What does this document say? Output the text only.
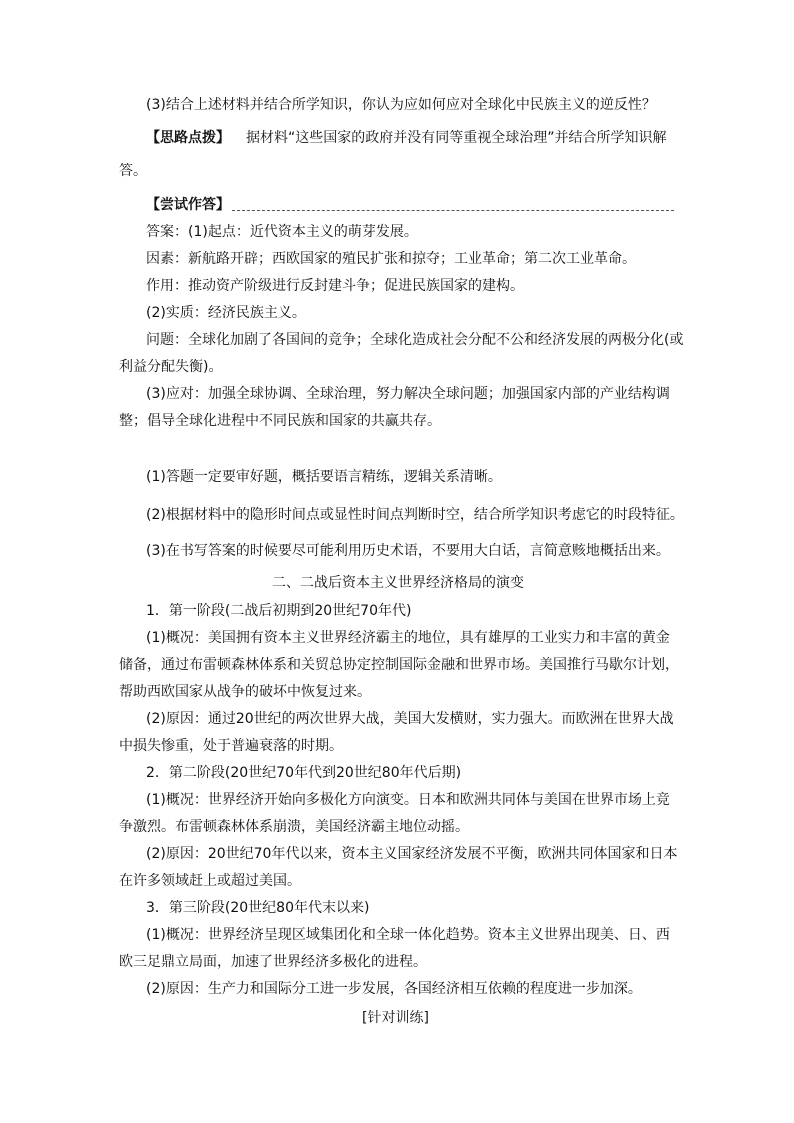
(3)结合上述材料并结合所学知识，你认为应如何应对全球化中民族主义的逆反性？
【思路点拨】 据材料“这些国家的政府并没有同等重视全球治理”并结合所学知识解
答。
【尝试作答】
答案：(1)起点：近代资本主义的萌芽发展。
因素：新航路开辟；西欧国家的殖民扩张和掠夺；工业革命；第二次工业革命。
作用：推动资产阶级进行反封建斗争；促进民族国家的建构。
(2)实质：经济民族主义。
问题：全球化加剧了各国间的竞争；全球化造成社会分配不公和经济发展的两极分化(或
利益分配失衡)。
(3)应对：加强全球协调、全球治理，努力解决全球问题；加强国家内部的产业结构调
整；倡导全球化进程中不同民族和国家的共赢共存。
(1)答题一定要审好题，概括要语言精练，逻辑关系清晰。
(2)根据材料中的隐形时间点或显性时间点判断时空，结合所学知识考虑它的时段特征。
(3)在书写答案的时候要尽可能利用历史术语，不要用大白话，言简意赅地概括出来。
二、二战后资本主义世界经济格局的演变
1．第一阶段(二战后初期到20世纪70年代)
(1)概况：美国拥有资本主义世界经济霸主的地位，具有雄厚的工业实力和丰富的黄金
储备，通过布雷顿森林体系和关贸总协定控制国际金融和世界市场。美国推行马歇尔计划，
帮助西欧国家从战争的破坏中恢复过来。
(2)原因：通过20世纪的两次世界大战，美国大发横财，实力强大。而欧洲在世界大战
中损失惨重，处于普遍衰落的时期。
2．第二阶段(20世纪70年代到20世纪80年代后期)
(1)概况：世界经济开始向多极化方向演变。日本和欧洲共同体与美国在世界市场上竞
争激烈。布雷顿森林体系崩溃，美国经济霸主地位动摇。
(2)原因：20世纪70年代以来，资本主义国家经济发展不平衡，欧洲共同体国家和日本
在许多领域赶上或超过美国。
3．第三阶段(20世纪80年代末以来)
(1)概况：世界经济呈现区域集团化和全球一体化趋势。资本主义世界出现美、日、西
欧三足鼎立局面，加速了世界经济多极化的进程。
(2)原因：生产力和国际分工进一步发展，各国经济相互依赖的程度进一步加深。
[针对训练]
